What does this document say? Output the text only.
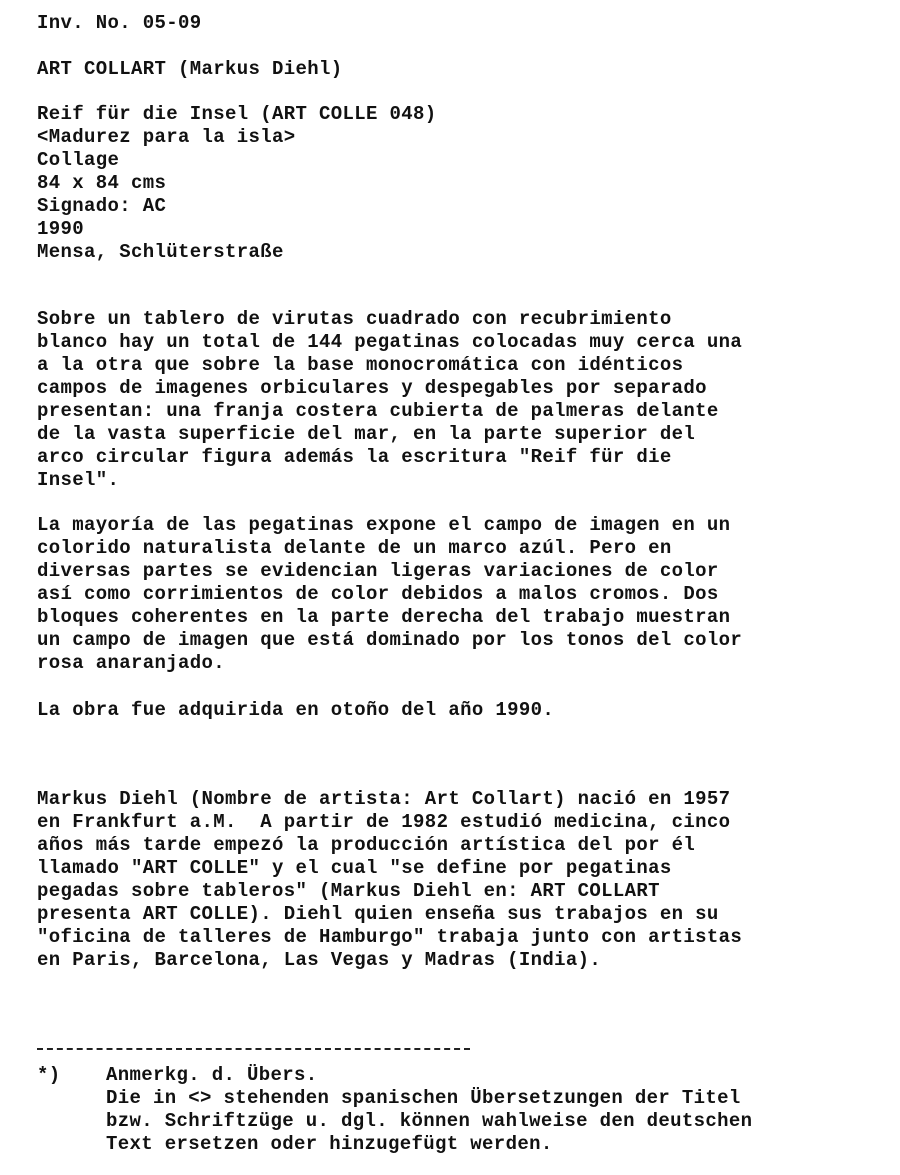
Inv. No. 05-09
ART COLLART (Markus Diehl)
Reif für die Insel (ART COLLE 048)
<Madurez para la isla>
Collage
84 x 84 cms
Signado: AC
1990
Mensa, Schlüterstraße
Sobre un tablero de virutas cuadrado con recubrimiento
blanco hay un total de 144 pegatinas colocadas muy cerca una
a la otra que sobre la base monocromática con idénticos
campos de imagenes orbiculares y despegables por separado
presentan: una franja costera cubierta de palmeras delante
de la vasta superficie del mar, en la parte superior del
arco circular figura además la escritura "Reif für die
Insel".
La mayoría de las pegatinas expone el campo de imagen en un
colorido naturalista delante de un marco azúl. Pero en
diversas partes se evidencian ligeras variaciones de color
así como corrimientos de color debidos a malos cromos. Dos
bloques coherentes en la parte derecha del trabajo muestran
un campo de imagen que está dominado por los tonos del color
rosa anaranjado.
La obra fue adquirida en otoño del año 1990.
Markus Diehl (Nombre de artista: Art Collart) nació en 1957
en Frankfurt a.M.  A partir de 1982 estudió medicina, cinco
años más tarde empezó la producción artística del por él
llamado "ART COLLE" y el cual "se define por pegatinas
pegadas sobre tableros" (Markus Diehl en: ART COLLART
presenta ART COLLE). Diehl quien enseña sus trabajos en su
"oficina de talleres de Hamburgo" trabaja junto con artistas
en Paris, Barcelona, Las Vegas y Madras (India).
*) Anmerkg. d. Übers.
Die in <> stehenden spanischen Übersetzungen der Titel
bzw. Schriftzüge u. dgl. können wahlweise den deutschen
Text ersetzen oder hinzugefügt werden.
